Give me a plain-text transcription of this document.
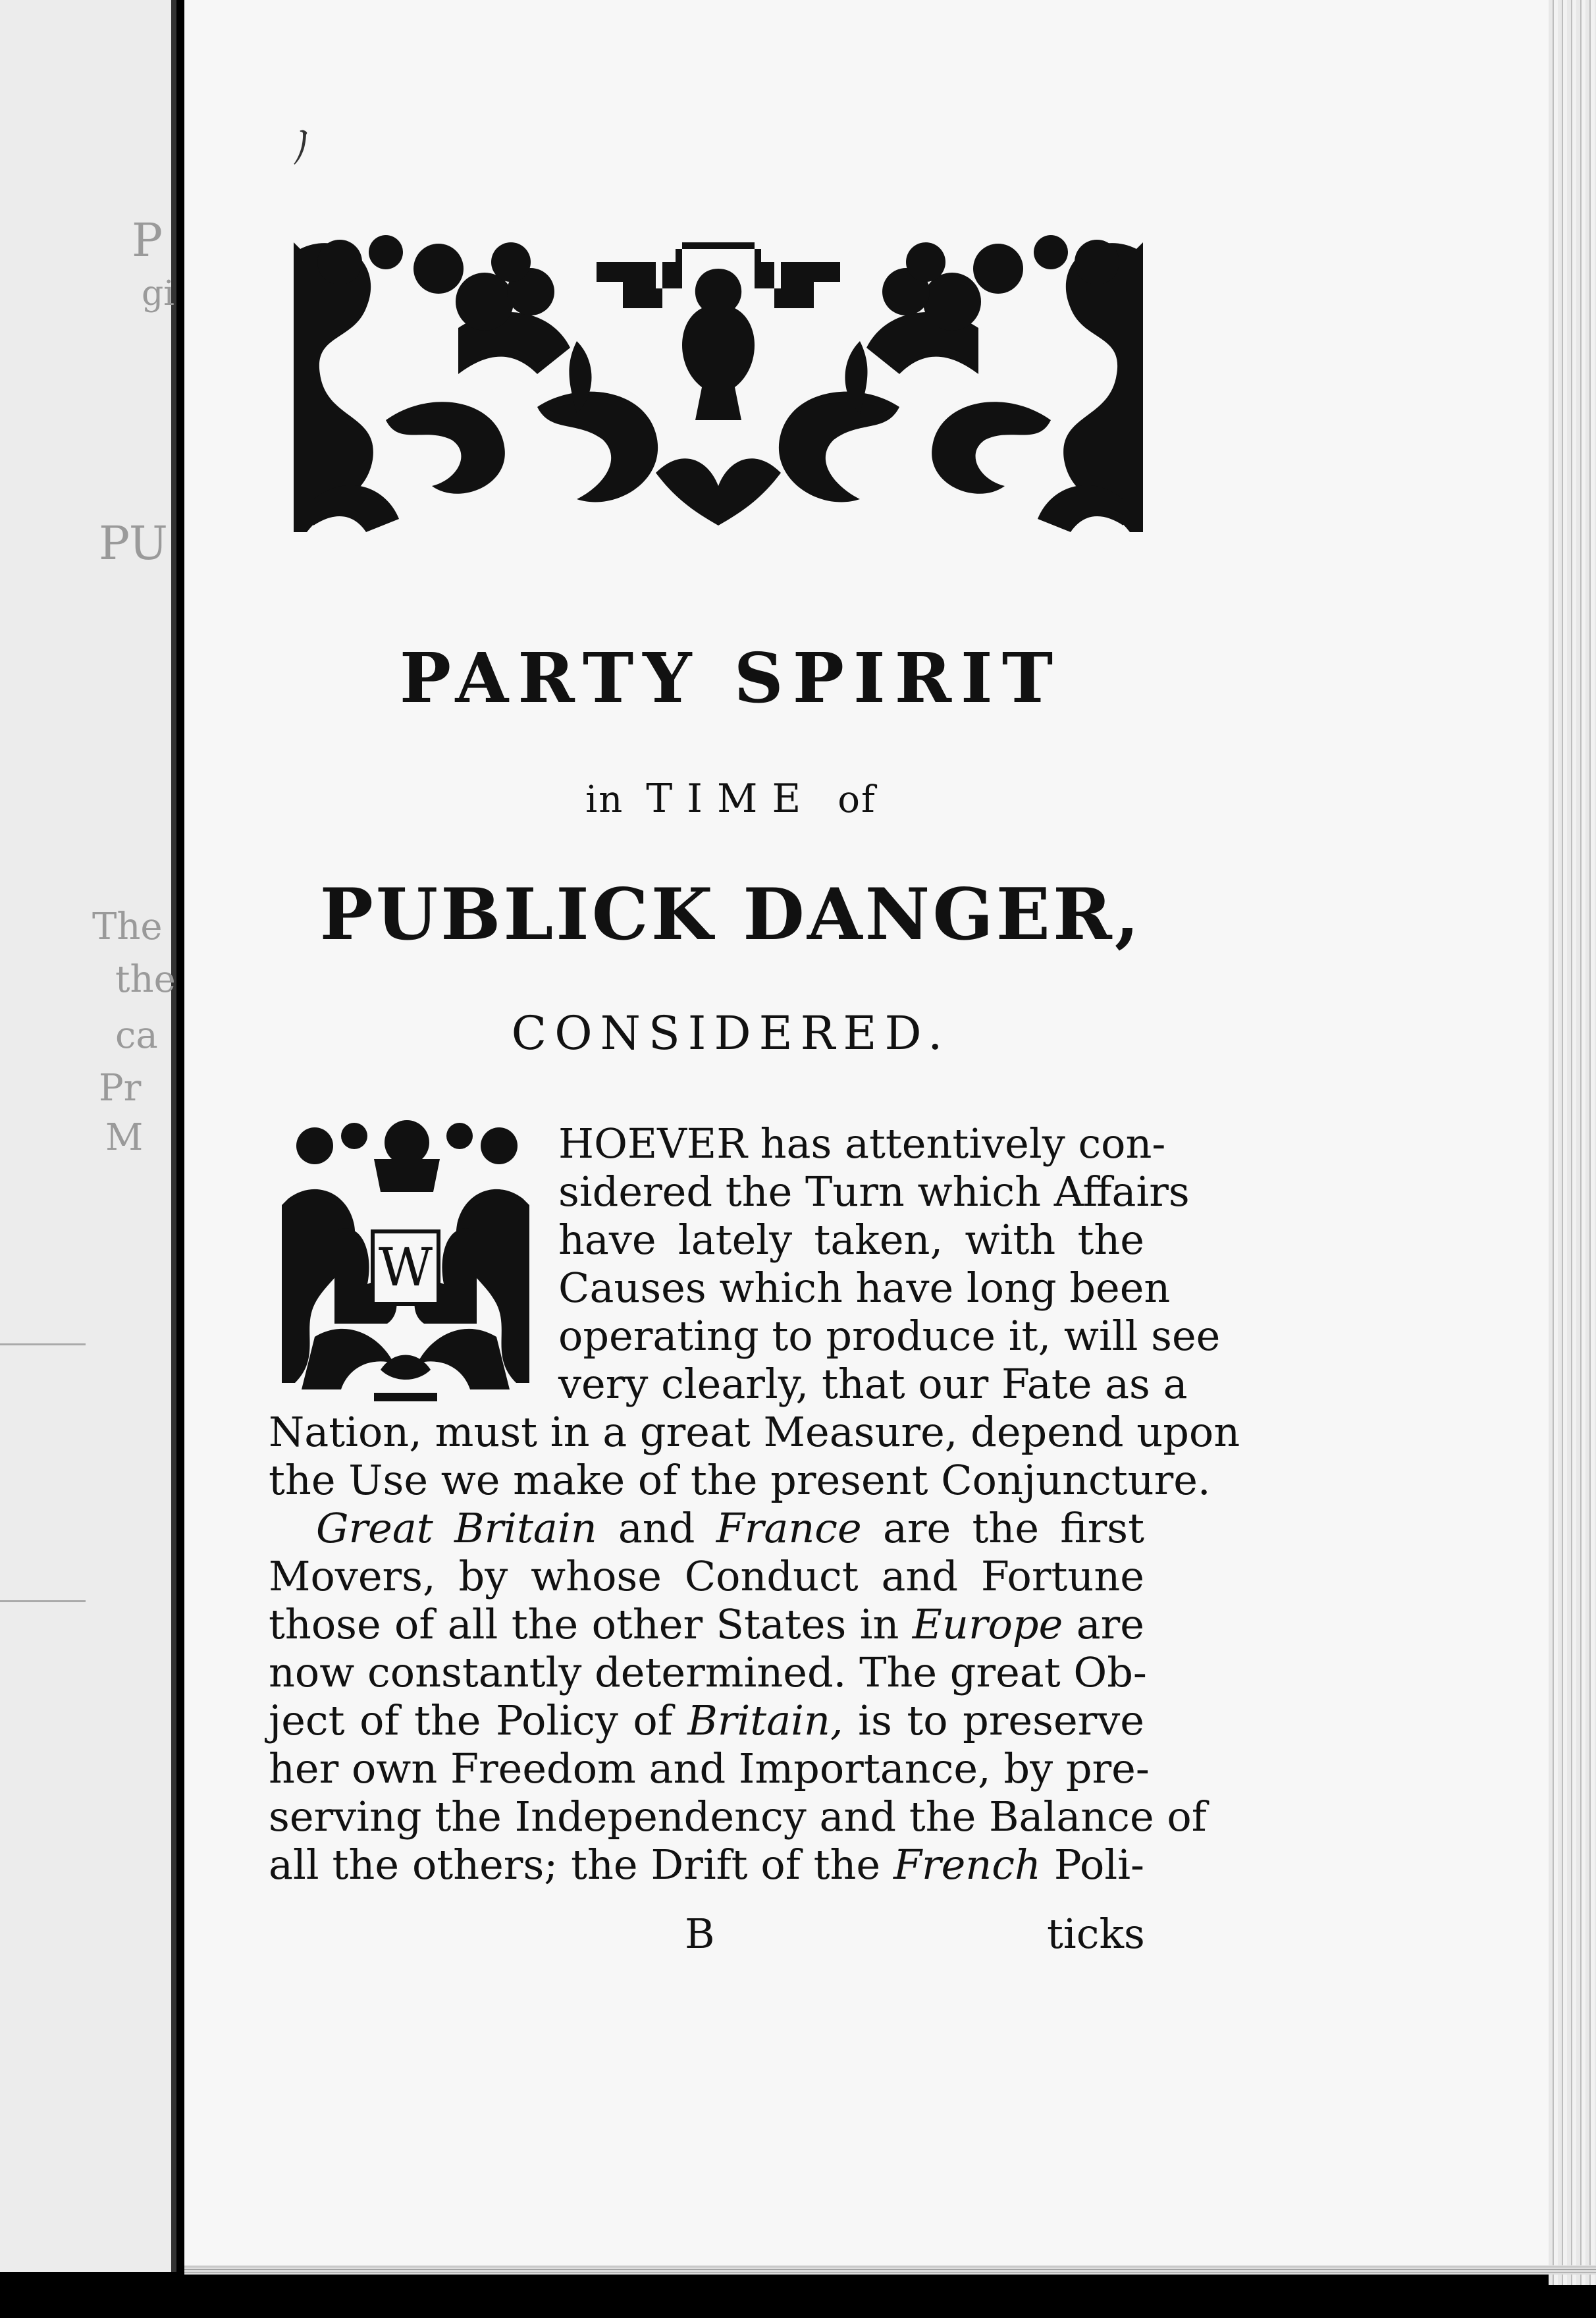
P
gi
PU
The
the
ca
Pr
M
ﾉ
PARTY SPIRIT
in TIME of
PUBLICK DANGER,
CONSIDERED.
W
HOEVER has attentively con-
sidered the Turn which Affairs
have lately taken, with the
Causes which have long been
operating to produce it, will see
very clearly, that our Fate as a
Nation, must in a great Measure, depend upon
the Use we make of the present Conjuncture.
Great Britain and France are the first
Movers, by whose Conduct and Fortune
those of all the other States in Europe are
now constantly determined. The great Ob-
ject of the Policy of Britain, is to preserve
her own Freedom and Importance, by pre-
serving the Independency and the Balance of
all the others; the Drift of the French Poli-
B	ticks
